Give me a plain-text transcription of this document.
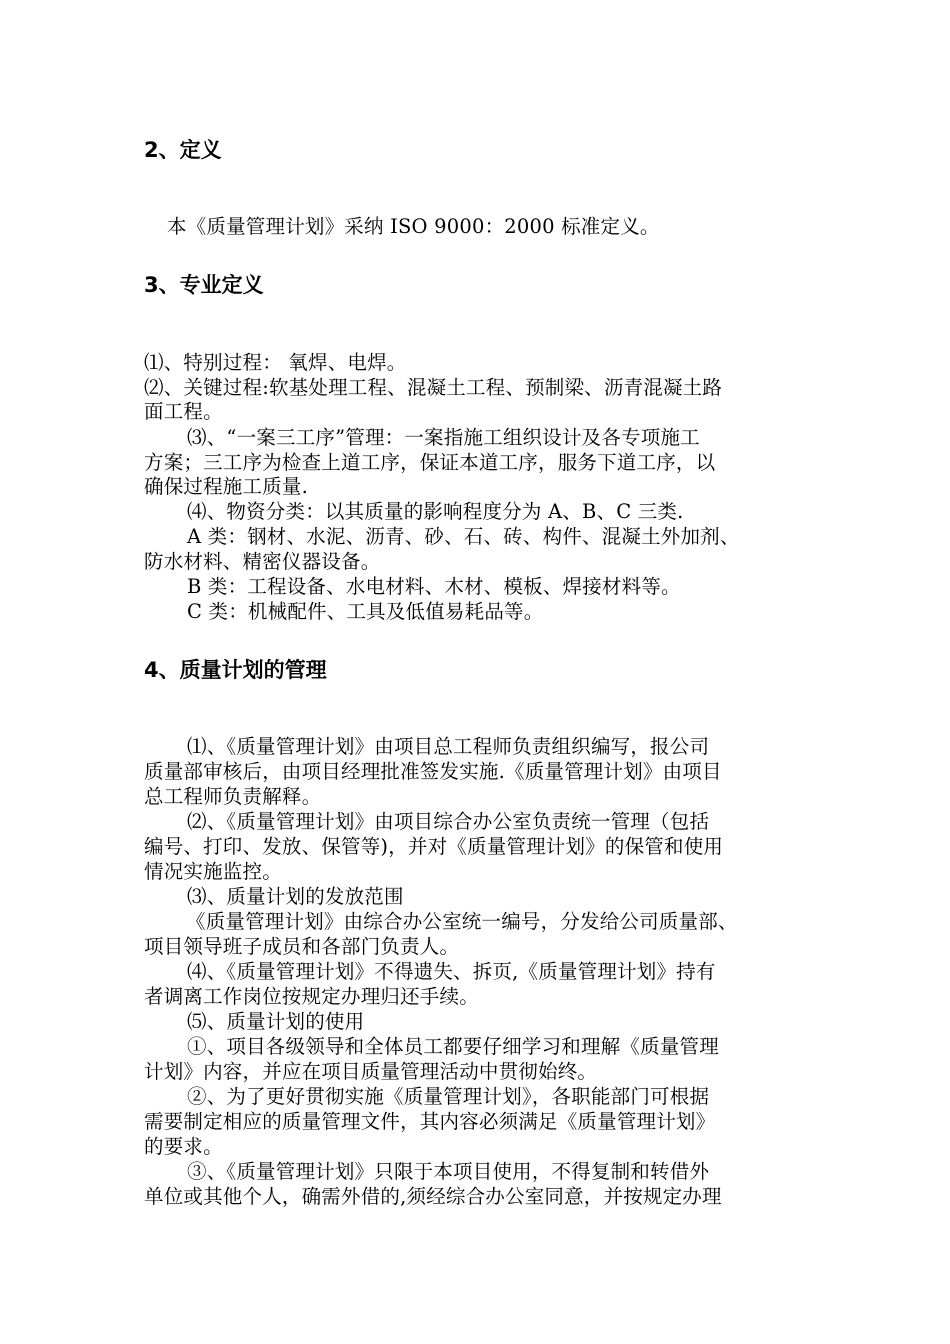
2、定义
本《质量管理计划》采纳 ISO 9000：2000 标准定义。
3、专业定义
⑴、特别过程： 氧焊、电焊。
⑵、关键过程:软基处理工程、混凝土工程、预制梁、沥青混凝土路
面工程。
⑶、“一案三工序”管理：一案指施工组织设计及各专项施工
方案；三工序为检查上道工序，保证本道工序，服务下道工序，以
确保过程施工质量.
⑷、物资分类：以其质量的影响程度分为 A、B、C 三类.
A 类：钢材、水泥、沥青、砂、石、砖、构件、混凝土外加剂、
防水材料、精密仪器设备。
B 类：工程设备、水电材料、木材、模板、焊接材料等。
C 类：机械配件、工具及低值易耗品等。
4、质量计划的管理
⑴、《质量管理计划》由项目总工程师负责组织编写，报公司
质量部审核后，由项目经理批准签发实施.《质量管理计划》由项目
总工程师负责解释。
⑵、《质量管理计划》由项目综合办公室负责统一管理（包括
编号、打印、发放、保管等)，并对《质量管理计划》的保管和使用
情况实施监控。
⑶、质量计划的发放范围
《质量管理计划》由综合办公室统一编号，分发给公司质量部、
项目领导班子成员和各部门负责人。
⑷、《质量管理计划》不得遗失、拆页,《质量管理计划》持有
者调离工作岗位按规定办理归还手续。
⑸、质量计划的使用
①、项目各级领导和全体员工都要仔细学习和理解《质量管理
计划》内容，并应在项目质量管理活动中贯彻始终。
②、为了更好贯彻实施《质量管理计划》，各职能部门可根据
需要制定相应的质量管理文件，其内容必须满足《质量管理计划》
的要求。
③、《质量管理计划》只限于本项目使用，不得复制和转借外
单位或其他个人，确需外借的,须经综合办公室同意，并按规定办理
